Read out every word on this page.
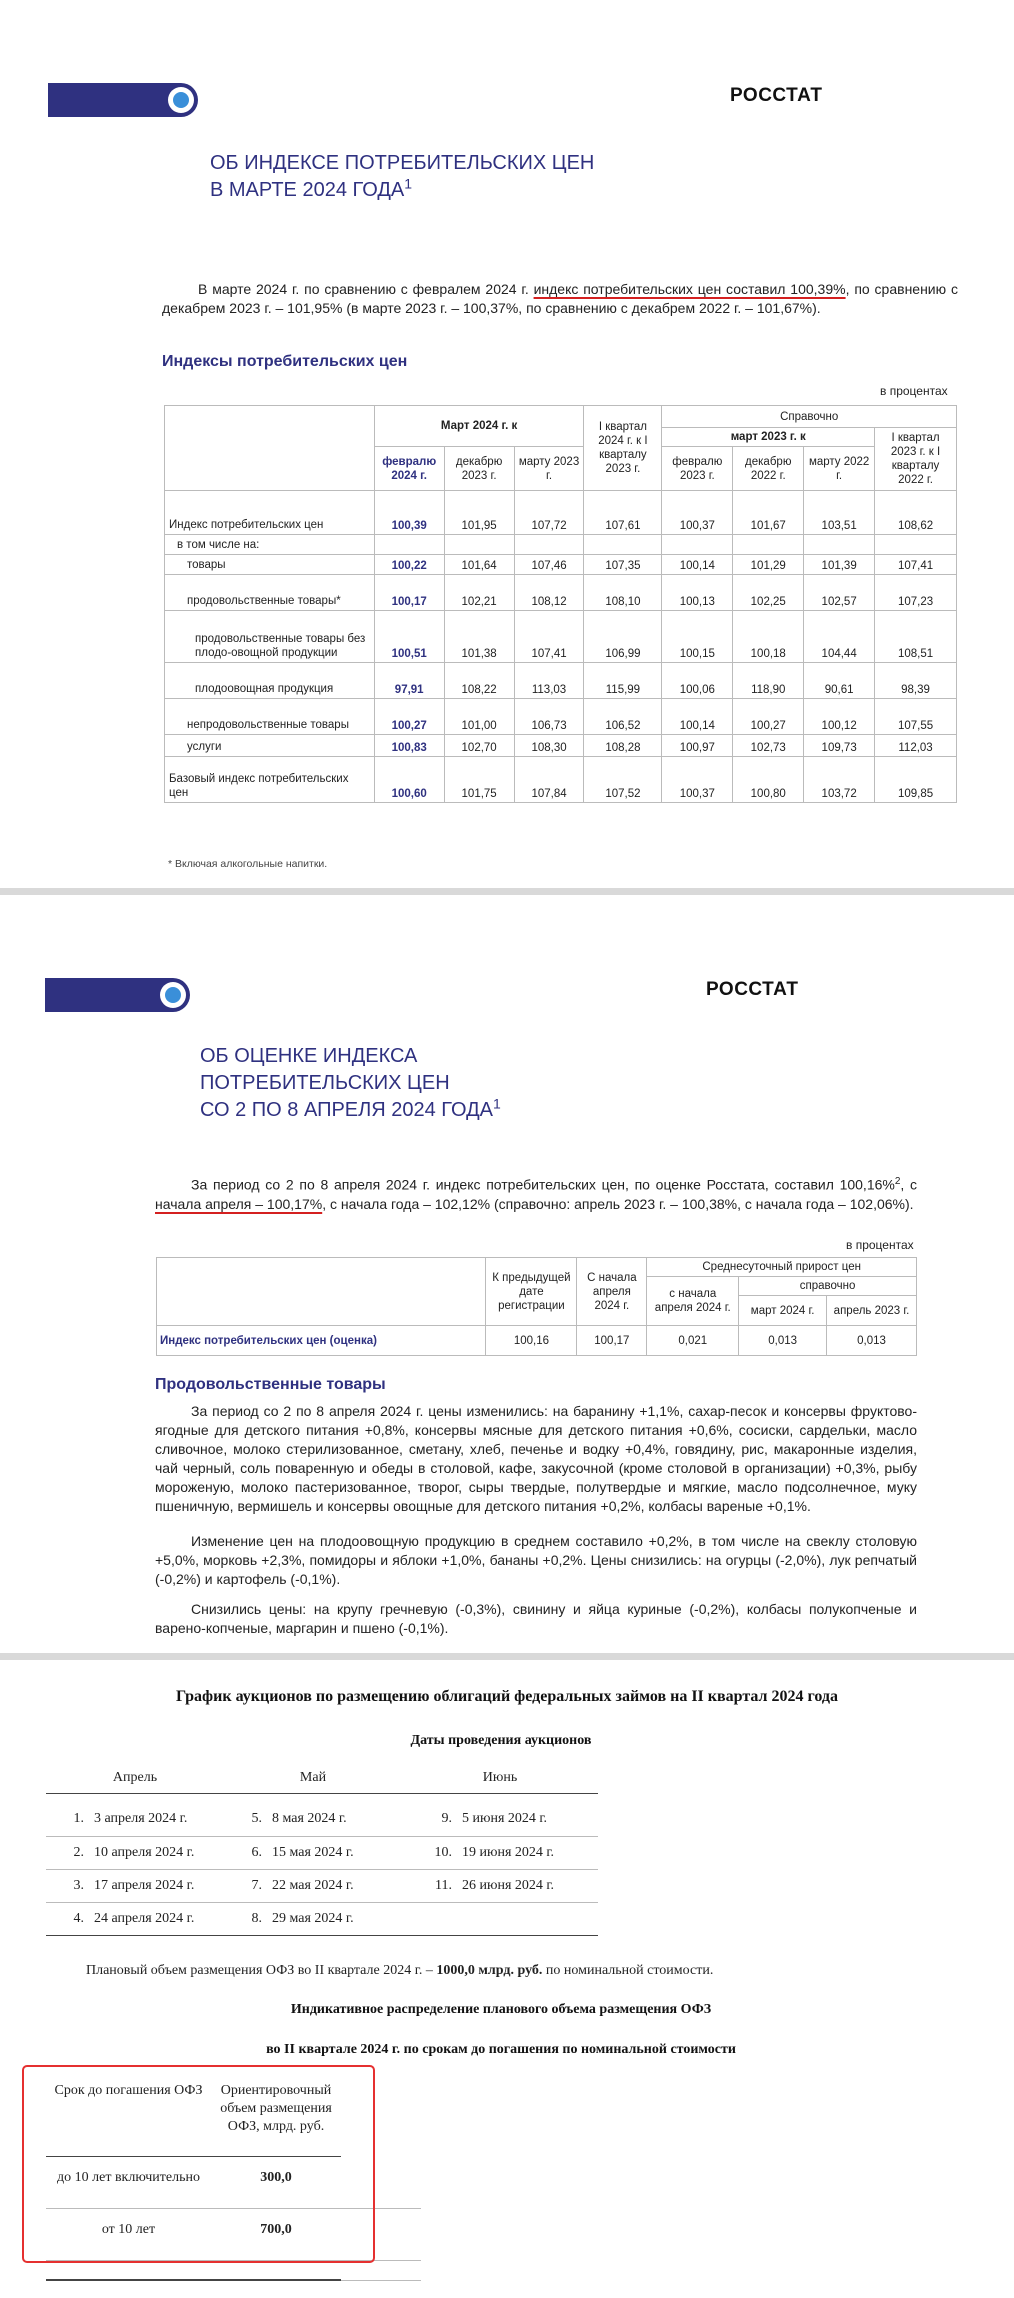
РОССТАТ
ОБ ИНДЕКСЕ ПОТРЕБИТЕЛЬСКИХ ЦЕН
В МАРТЕ 2024 ГОДА$^1$
В марте 2024 г. по сравнению с февралем 2024 г. индекс потребительских цен составил 100,39%, по сравнению с декабрем 2023 г. – 101,95% (в марте 2023 г. – 100,37%, по сравнению с декабрем 2022 г. – 101,67%).
Индексы потребительских цен
в процентах
	Март 2024 г. к			I квартал 2024 г. к I кварталу 2023 г.	Справочно			
					март 2023 г. к			I квартал 2023 г. к I кварталу 2022 г.
	февралю 2024 г.	декабрю 2023 г.	марту 2023 г.		февралю 2023 г.	декабрю 2022 г.	марту 2022 г.	
Индекс потребительских цен	100,39	101,95	107,72	107,61	100,37	101,67	103,51	108,62
в том числе на:								
товары	100,22	101,64	107,46	107,35	100,14	101,29	101,39	107,41
продовольственные товары*	100,17	102,21	108,12	108,10	100,13	102,25	102,57	107,23
продовольственные товары без плодо-овощной продукции	100,51	101,38	107,41	106,99	100,15	100,18	104,44	108,51
плодоовощная продукция	97,91	108,22	113,03	115,99	100,06	118,90	90,61	98,39
непродовольственные товары	100,27	101,00	106,73	106,52	100,14	100,27	100,12	107,55
услуги	100,83	102,70	108,30	108,28	100,97	102,73	109,73	112,03
Базовый индекс потребительских цен	100,60	101,75	107,84	107,52	100,37	100,80	103,72	109,85
* Включая алкогольные напитки.
РОССТАТ
ОБ ОЦЕНКЕ ИНДЕКСА
ПОТРЕБИТЕЛЬСКИХ ЦЕН
СО 2 ПО 8 АПРЕЛЯ 2024 ГОДА$^1$
За период со 2 по 8 апреля 2024 г. индекс потребительских цен, по оценке Росстата, составил 100,16%$^2$, с начала апреля – 100,17%, с начала года – 102,12% (справочно: апрель 2023 г. – 100,38%, с начала года – 102,06%).
в процентах
	К предыдущей дате регистрации	С начала апреля 2024 г.	Среднесуточный прирост цен		
			с начала апреля 2024 г.	справочно	
				март 2024 г.	апрель 2023 г.
Индекс потребительских цен (оценка)	100,16	100,17	0,021	0,013	0,013
Продовольственные товары
За период со 2 по 8 апреля 2024 г. цены изменились: на баранину +1,1%, сахар-песок и консервы фруктово-ягодные для детского питания +0,8%, консервы мясные для детского питания +0,6%, сосиски, сардельки, масло сливочное, молоко стерилизованное, сметану, хлеб, печенье и водку +0,4%, говядину, рис, макаронные изделия, чай черный, соль поваренную и обеды в столовой, кафе, закусочной (кроме столовой в организации) +0,3%, рыбу мороженую, молоко пастеризованное, творог, сыры твердые, полутвердые и мягкие, масло подсолнечное, муку пшеничную, вермишель и консервы овощные для детского питания +0,2%, колбасы вареные +0,1%.
Изменение цен на плодоовощную продукцию в среднем составило +0,2%, в том числе на свеклу столовую +5,0%, морковь +2,3%, помидоры и яблоки +1,0%, бананы +0,2%. Цены снизились: на огурцы (-2,0%), лук репчатый (-0,2%) и картофель (-0,1%).
Снизились цены: на крупу гречневую (-0,3%), свинину и яйца куриные (-0,2%), колбасы полукопченые и варено-копченые, маргарин и пшено (-0,1%).
График аукционов по размещению облигаций федеральных займов на II квартал 2024 года
Даты проведения аукционов
Апрель		Май		Июнь	

1.	3 апреля 2024 г.	5.	8 мая 2024 г.	9.	5 июня 2024 г.
2.	10 апреля 2024 г.	6.	15 мая 2024 г.	10.	19 июня 2024 г.
3.	17 апреля 2024 г.	7.	22 мая 2024 г.	11.	26 июня 2024 г.
4.	24 апреля 2024 г.	8.	29 мая 2024 г.		
Плановый объем размещения ОФЗ во II квартале 2024 г. – 1000,0 млрд. руб. по номинальной стоимости.
Индикативное распределение планового объема размещения ОФЗ
во II квартале 2024 г. по срокам до погашения по номинальной стоимости
Срок до погашения ОФЗ	Ориентировочный объем размещения ОФЗ, млрд. руб.	
до 10 лет включительно	300,0	
от 10 лет	700,0	
